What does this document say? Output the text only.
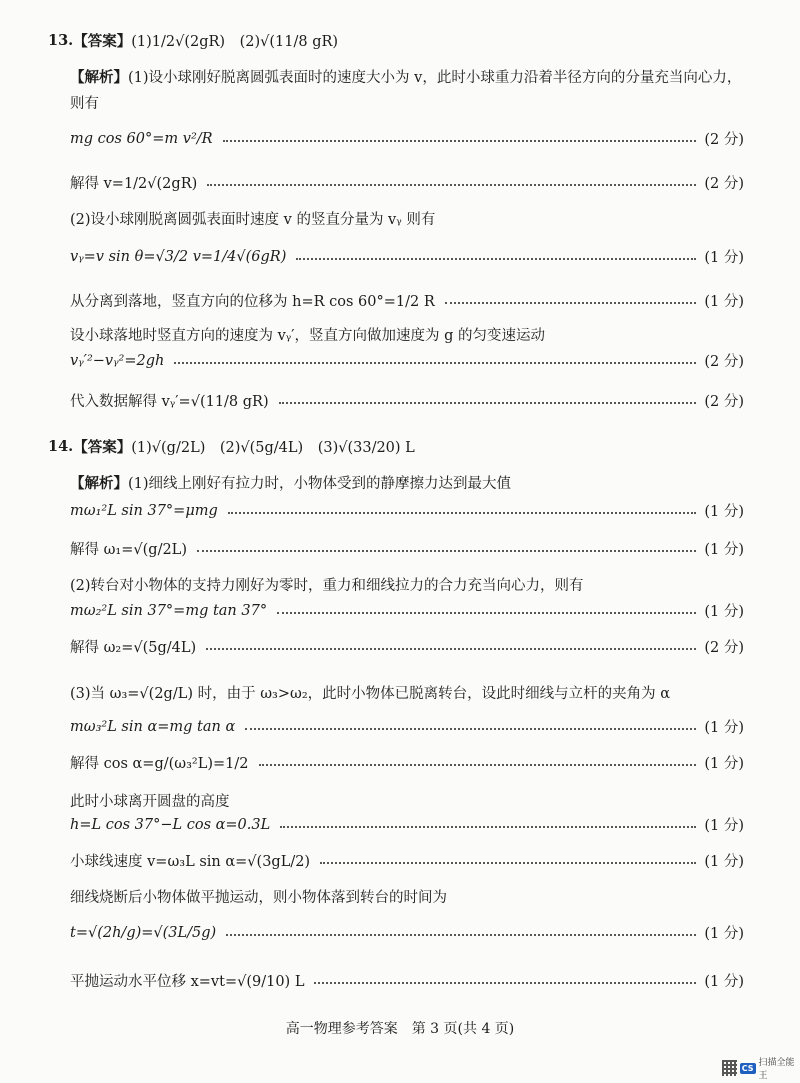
13. 【答案】 (1)1/2√(2gR)　(2)√(11/8 gR)
【解析】 (1)设小球刚好脱离圆弧表面时的速度大小为 v，此时小球重力沿着半径方向的分量充当向心力，
则有
mg cos 60°=m v²/R	(2 分)
解得 v=1/2√(2gR)	(2 分)
(2)设小球刚脱离圆弧表面时速度 v 的竖直分量为 vᵧ 则有
vᵧ=v sin θ=√3/2 v=1/4√(6gR)	(1 分)
从分离到落地，竖直方向的位移为 h=R cos 60°=1/2 R	(1 分)
设小球落地时竖直方向的速度为 vᵧ′，竖直方向做加速度为 g 的匀变速运动
vᵧ′²−vᵧ²=2gh	(2 分)
代入数据解得 vᵧ′=√(11/8 gR)	(2 分)
14. 【答案】 (1)√(g/2L)　(2)√(5g/4L)　(3)√(33/20) L
【解析】 (1)细线上刚好有拉力时，小物体受到的静摩擦力达到最大值
mω₁²L sin 37°=μmg	(1 分)
解得 ω₁=√(g/2L)	(1 分)
(2)转台对小物体的支持力刚好为零时，重力和细线拉力的合力充当向心力，则有
mω₂²L sin 37°=mg tan 37°	(1 分)
解得 ω₂=√(5g/4L)	(2 分)
(3)当 ω₃=√(2g/L) 时，由于 ω₃>ω₂，此时小物体已脱离转台，设此时细线与立杆的夹角为 α
mω₃²L sin α=mg tan α	(1 分)
解得 cos α=g/(ω₃²L)=1/2	(1 分)
此时小球离开圆盘的高度
h=L cos 37°−L cos α=0.3L	(1 分)
小球线速度 v=ω₃L sin α=√(3gL/2)	(1 分)
细线烧断后小物体做平抛运动，则小物体落到转台的时间为
t=√(2h/g)=√(3L/5g)	(1 分)
平抛运动水平位移 x=vt=√(9/10) L	(1 分)
高一物理参考答案　第 3 页(共 4 页)
CS 扫描全能王
